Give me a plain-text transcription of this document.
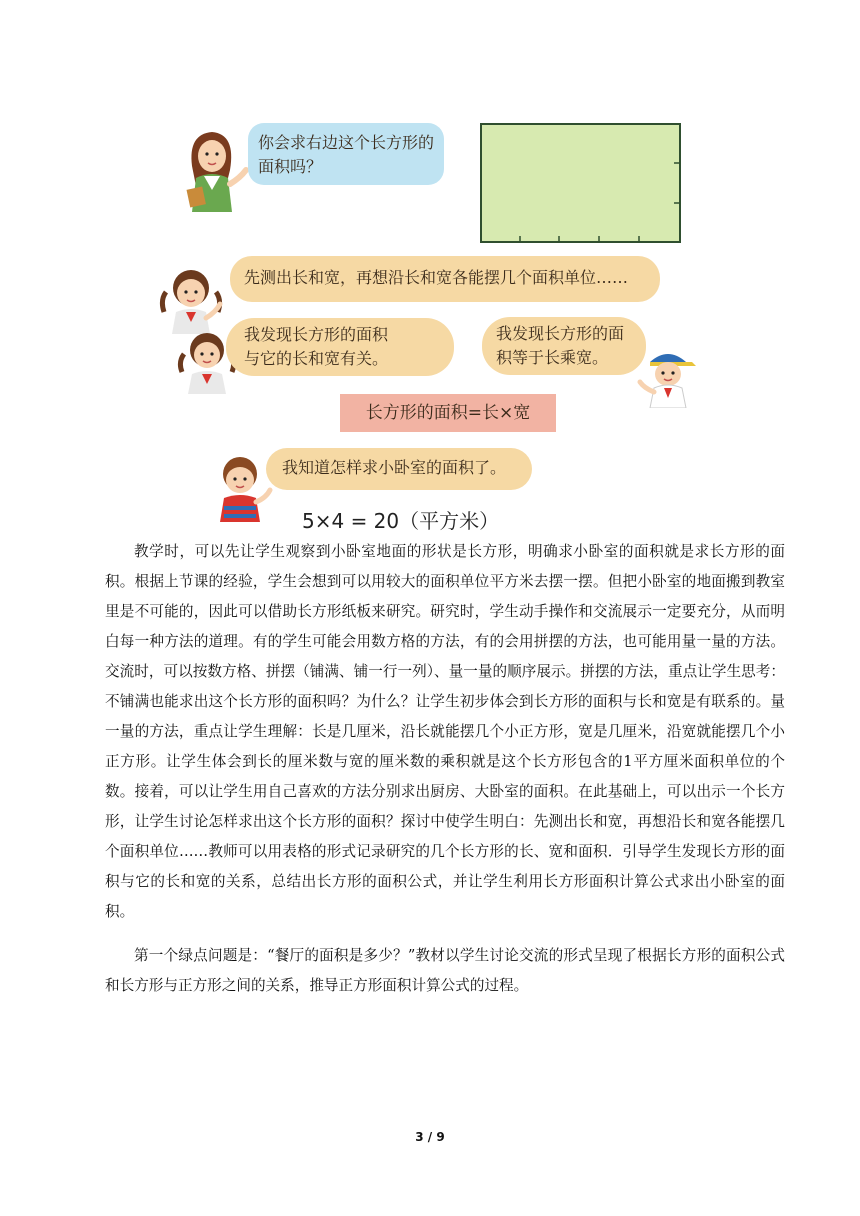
你会求右边这个长方形的面积吗？
先测出长和宽，再想沿长和宽各能摆几个面积单位……
我发现长方形的面积与它的长和宽有关。
我发现长方形的面积等于长乘宽。
长方形的面积=长×宽
我知道怎样求小卧室的面积了。
5×4 = 20（平方米）
教学时，可以先让学生观察到小卧室地面的形状是长方形，明确求小卧室的面积就是求长方形的面积。根据上节课的经验，学生会想到可以用较大的面积单位平方米去摆一摆。但把小卧室的地面搬到教室里是不可能的，因此可以借助长方形纸板来研究。研究时，学生动手操作和交流展示一定要充分，从而明白每一种方法的道理。有的学生可能会用数方格的方法，有的会用拼摆的方法，也可能用量一量的方法。交流时，可以按数方格、拼摆（铺满、铺一行一列）、量一量的顺序展示。拼摆的方法，重点让学生思考：不铺满也能求出这个长方形的面积吗？为什么？让学生初步体会到长方形的面积与长和宽是有联系的。量一量的方法，重点让学生理解：长是几厘米，沿长就能摆几个小正方形，宽是几厘米，沿宽就能摆几个小正方形。让学生体会到长的厘米数与宽的厘米数的乘积就是这个长方形包含的1平方厘米面积单位的个数。接着，可以让学生用自己喜欢的方法分别求出厨房、大卧室的面积。在此基础上，可以出示一个长方形，让学生讨论怎样求出这个长方形的面积？探讨中使学生明白：先测出长和宽，再想沿长和宽各能摆几个面积单位……教师可以用表格的形式记录研究的几个长方形的长、宽和面积．引导学生发现长方形的面积与它的长和宽的关系，总结出长方形的面积公式，并让学生利用长方形面积计算公式求出小卧室的面积。
第一个绿点问题是：“餐厅的面积是多少？”教材以学生讨论交流的形式呈现了根据长方形的面积公式和长方形与正方形之间的关系，推导正方形面积计算公式的过程。
3 / 9
